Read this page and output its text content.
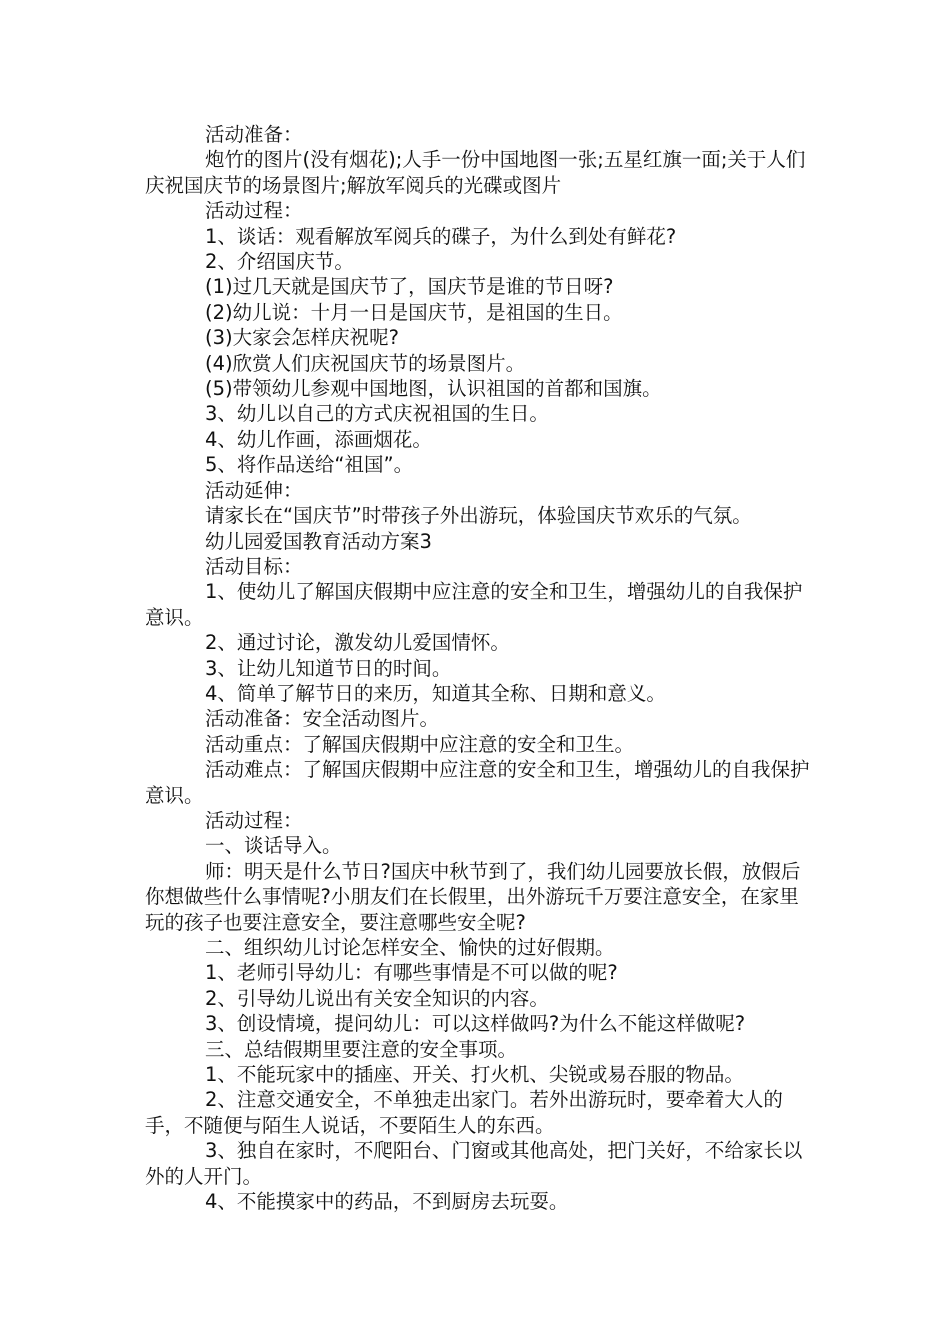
活动准备：

炮竹的图片(没有烟花);人手一份中国地图一张;五星红旗一面;关于人们庆祝国庆节的场景图片;解放军阅兵的光碟或图片

活动过程：

1、谈话：观看解放军阅兵的碟子，为什么到处有鲜花?

2、介绍国庆节。

(1)过几天就是国庆节了，国庆节是谁的节日呀?

(2)幼儿说：十月一日是国庆节，是祖国的生日。

(3)大家会怎样庆祝呢?

(4)欣赏人们庆祝国庆节的场景图片。

(5)带领幼儿参观中国地图，认识祖国的首都和国旗。

3、幼儿以自己的方式庆祝祖国的生日。

4、幼儿作画，添画烟花。

5、将作品送给“祖国”。

活动延伸：

请家长在“国庆节”时带孩子外出游玩，体验国庆节欢乐的气氛。

幼儿园爱国教育活动方案3

活动目标：

1、使幼儿了解国庆假期中应注意的安全和卫生，增强幼儿的自我保护意识。

2、通过讨论，激发幼儿爱国情怀。

3、让幼儿知道节日的时间。

4、简单了解节日的来历，知道其全称、日期和意义。

活动准备：安全活动图片。

活动重点：了解国庆假期中应注意的安全和卫生。

活动难点：了解国庆假期中应注意的安全和卫生，增强幼儿的自我保护意识。

活动过程：

一、谈话导入。

师：明天是什么节日?国庆中秋节到了，我们幼儿园要放长假，放假后你想做些什么事情呢?小朋友们在长假里，出外游玩千万要注意安全，在家里玩的孩子也要注意安全，要注意哪些安全呢?

二、组织幼儿讨论怎样安全、愉快的过好假期。

1、老师引导幼儿：有哪些事情是不可以做的呢?

2、引导幼儿说出有关安全知识的内容。

3、创设情境，提问幼儿：可以这样做吗?为什么不能这样做呢?

三、总结假期里要注意的安全事项。

1、不能玩家中的插座、开关、打火机、尖锐或易吞服的物品。

2、注意交通安全，不单独走出家门。若外出游玩时，要牵着大人的手，不随便与陌生人说话，不要陌生人的东西。

3、独自在家时，不爬阳台、门窗或其他高处，把门关好，不给家长以外的人开门。

4、不能摸家中的药品，不到厨房去玩耍。
